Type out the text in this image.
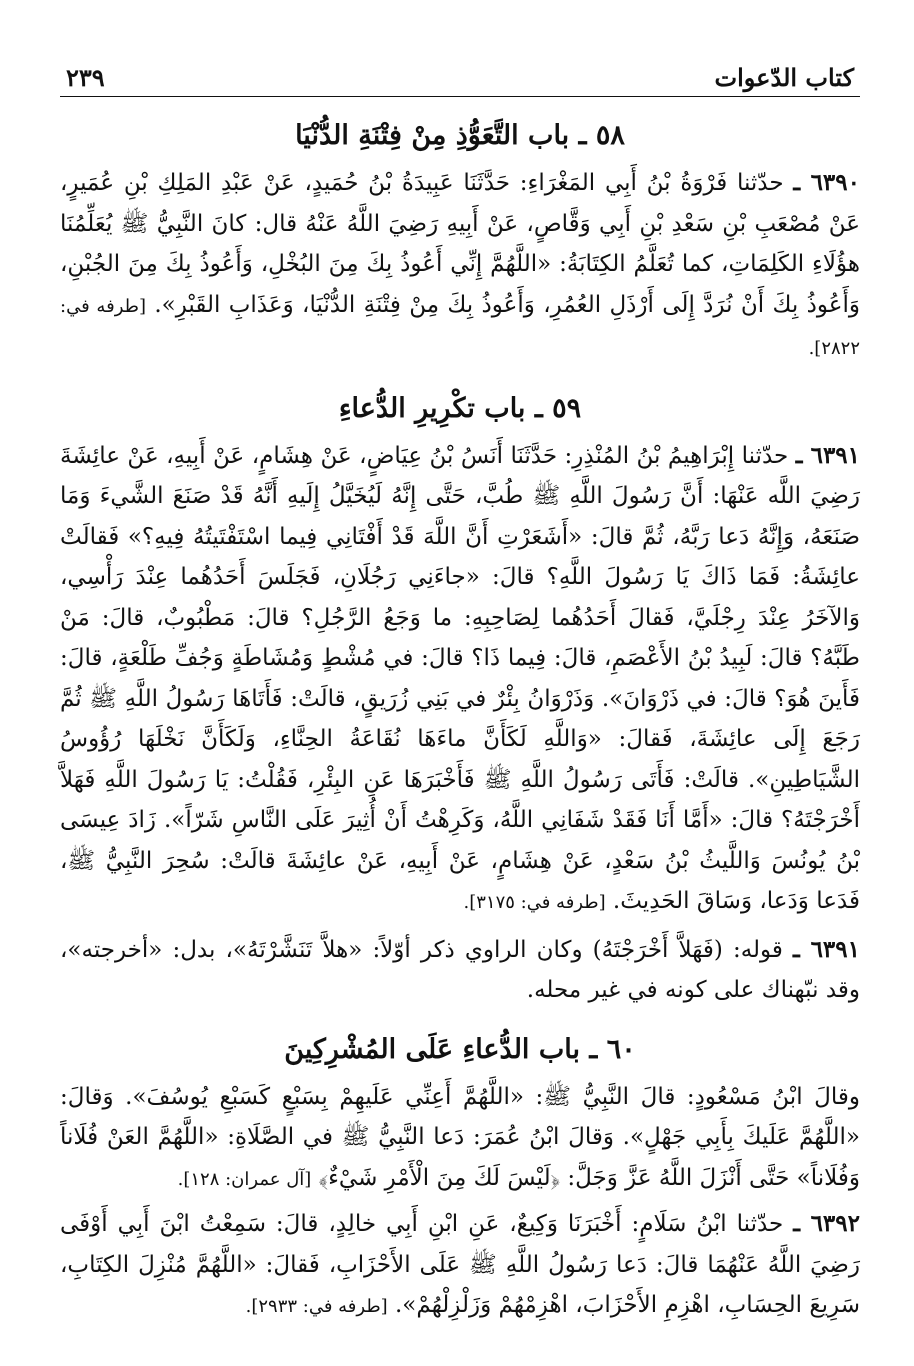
كتاب الدّعوات
٢٣٩
٥٨ ـ باب التَّعَوُّذِ مِنْ فِتْنَةِ الدُّنْيَا

٦٣٩٠ ـ حدّثنا فَرْوَةُ بْنُ أَبِي المَغْرَاءِ: حَدَّثَنَا عَبِيدَةُ بْنُ حُمَيدٍ، عَنْ عَبْدِ المَلِكِ بْنِ عُمَيرٍ، عَنْ مُصْعَبِ بْنِ سَعْدِ بْنِ أَبِي وَقَّاصٍ، عَنْ أَبِيهِ رَضِيَ اللَّهُ عَنْهُ قال: كانَ النَّبِيُّ ﷺ يُعَلِّمُنَا هؤُلَاءِ الكَلِمَاتِ، كما تُعَلَّمُ الكِتَابَةُ: «اللَّهُمَّ إِنِّي أَعُوذُ بِكَ مِنَ البُخْلِ، وَأَعُوذُ بِكَ مِنَ الجُبْنِ، وَأَعُوذُ بِكَ أَنْ نُرَدَّ إِلَى أَرْذَلِ العُمُرِ، وَأَعُوذُ بِكَ مِنْ فِتْنَةِ الدُّنْيَا، وَعَذَابِ القَبْرِ». [طرفه في: ٢٨٢٢].

٥٩ ـ باب تكْرِيرِ الدُّعاءِ

٦٣٩١ ـ حدّثنا إِبْرَاهِيمُ بْنُ المُنْذِرِ: حَدَّثَنَا أَنَسُ بْنُ عِيَاضٍ، عَنْ هِشَامٍ، عَنْ أَبِيهِ، عَنْ عائِشَةَ رَضِيَ اللَّه عَنْهَا: أَنَّ رَسُولَ اللَّهِ ﷺ طُبَّ، حَتَّى إِنَّهُ لَيُخَيَّلُ إِلَيهِ أَنَّهُ قَدْ صَنَعَ الشَّيءَ وَمَا صَنَعَهُ، وَإِنَّهُ دَعا رَبَّهُ، ثُمَّ قالَ: «أَشَعَرْتِ أَنَّ اللَّهَ قَدْ أَفْتَانِي فِيما اسْتَفْتَيتُهُ فِيهِ؟» فَقالَتْ عائِشَةُ: فَمَا ذَاكَ يَا رَسُولَ اللَّهِ؟ قالَ: «جاءَنِي رَجُلَانِ، فَجَلَسَ أَحَدُهُما عِنْدَ رَأْسِي، وَالآخَرُ عِنْدَ رِجْلَيَّ، فَقالَ أَحَدُهُما لِصَاحِبِهِ: ما وَجَعُ الرَّجُلِ؟ قالَ: مَطْبُوبٌ، قالَ: مَنْ طَبَّهُ؟ قالَ: لَبِيدُ بْنُ الأَعْصَمِ، قالَ: فِيما ذَا؟ قالَ: في مُشْطٍ وَمُشَاطَةٍ وَجُفِّ طَلْعَةٍ، قالَ: فَأَينَ هُوَ؟ قالَ: في ذَرْوَانَ». وَذَرْوَانُ بِئْرٌ في بَنِي زُرَيقٍ، قالَتْ: فَأَتَاهَا رَسُولُ اللَّهِ ﷺ ثُمَّ رَجَعَ إِلَى عائِشَةَ، فَقالَ: «وَاللَّهِ لَكَأَنَّ ماءَهَا نُقَاعَةُ الحِنَّاءِ، وَلَكَأَنَّ نَخْلَهَا رُؤُوسُ الشَّيَاطِينِ». قالَتْ: فَأَتَى رَسُولُ اللَّهِ ﷺ فَأَخْبَرَهَا عَنِ البِئْرِ، فَقُلْتُ: يَا رَسُولَ اللَّهِ فَهَلاَّ أَخْرَجْتَهُ؟ قالَ: «أَمَّا أَنَا فَقَدْ شَفَانِي اللَّهُ، وَكَرِهْتُ أَنْ أُثِيرَ عَلَى النَّاسِ شَرّاً». زَادَ عِيسَى بْنُ يُونُسَ وَاللَّيثُ بْنُ سَعْدٍ، عَنْ هِشَامٍ، عَنْ أَبِيهِ، عَنْ عائِشَةَ قالَتْ: سُحِرَ النَّبِيُّ ﷺ، فَدَعا وَدَعا، وَسَاقَ الحَدِيثَ. [طرفه في: ٣١٧٥].

٦٣٩١ ـ قوله: (فَهَلاَّ أَخْرَجْتَهُ) وكان الراوي ذكر أوّلاً: «هلاَّ تَنَشَّرْتَهُ»، بدل: «أخرجته»، وقد نبّهناك على كونه في غير محله.

٦٠ ـ باب الدُّعاءِ عَلَى المُشْرِكِينَ

وقالَ ابْنُ مَسْعُودٍ: قالَ النَّبِيُّ ﷺ: «اللَّهُمَّ أَعِنِّي عَلَيهِمْ بِسَبْعٍ كَسَبْعِ يُوسُفَ». وَقالَ: «اللَّهُمَّ عَلَيكَ بِأَبِي جَهْلٍ». وَقالَ ابْنُ عُمَرَ: دَعا النَّبِيُّ ﷺ في الصَّلَاةِ: «اللَّهُمَّ العَنْ فُلَاناً وَفُلَاناً» حَتَّى أَنْزَلَ اللَّهُ عَزَّ وَجَلَّ: ﴿لَيْسَ لَكَ مِنَ الْأَمْرِ شَيْءٌ﴾ [آل عمران: ١٢٨].

٦٣٩٢ ـ حدّثنا ابْنُ سَلَامٍ: أَخْبَرَنَا وَكِيعٌ، عَنِ ابْنِ أَبِي خالِدٍ، قالَ: سَمِعْتُ ابْنَ أَبِي أَوْفَى رَضِيَ اللَّهُ عَنْهُمَا قالَ: دَعا رَسُولُ اللَّهِ ﷺ عَلَى الأَحْزَابِ، فَقالَ: «اللَّهُمَّ مُنْزِلَ الكِتَابِ، سَرِيعَ الحِسَابِ، اهْزِمِ الأَحْزَابَ، اهْزِمْهُمْ وَزَلْزِلْهُمْ». [طرفه في: ٢٩٣٣].
